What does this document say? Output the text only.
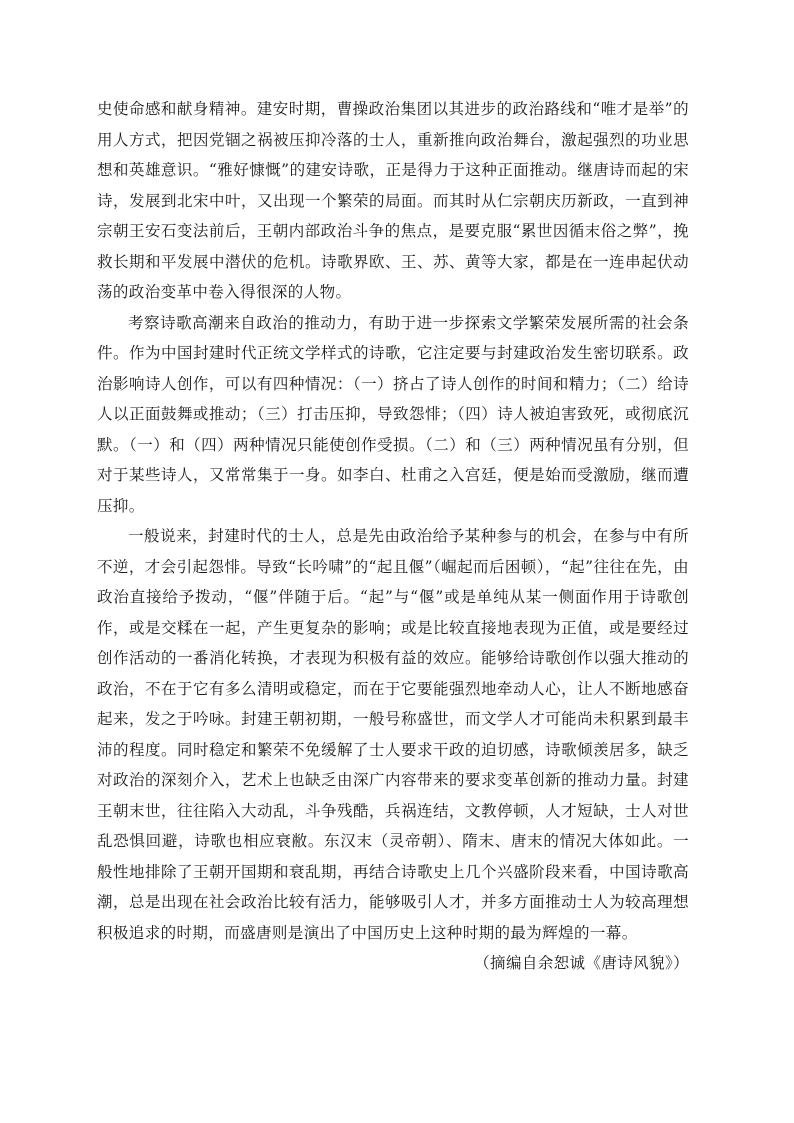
史使命感和献身精神。建安时期，曹操政治集团以其进步的政治路线和“唯才是举”的用人方式，把因党锢之祸被压抑冷落的士人，重新推向政治舞台，激起强烈的功业思想和英雄意识。“雅好慷慨”的建安诗歌，正是得力于这种正面推动。继唐诗而起的宋诗，发展到北宋中叶，又出现一个繁荣的局面。而其时从仁宗朝庆历新政，一直到神宗朝王安石变法前后，王朝内部政治斗争的焦点，是要克服“累世因循末俗之弊”，挽救长期和平发展中潜伏的危机。诗歌界欧、王、苏、黄等大家，都是在一连串起伏动荡的政治变革中卷入得很深的人物。

考察诗歌高潮来自政治的推动力，有助于进一步探索文学繁荣发展所需的社会条件。作为中国封建时代正统文学样式的诗歌，它注定要与封建政治发生密切联系。政治影响诗人创作，可以有四种情况：（一）挤占了诗人创作的时间和精力；（二）给诗人以正面鼓舞或推动；（三）打击压抑，导致怨悱；（四）诗人被迫害致死，或彻底沉默。（一）和（四）两种情况只能使创作受损。（二）和（三）两种情况虽有分别，但对于某些诗人，又常常集于一身。如李白、杜甫之入宫廷，便是始而受激励，继而遭压抑。

一般说来，封建时代的士人，总是先由政治给予某种参与的机会，在参与中有所不逆，才会引起怨悱。导致“长吟啸”的“起且偃”（崛起而后困顿），“起”往往在先，由政治直接给予拨动，“偃”伴随于后。“起”与“偃”或是单纯从某一侧面作用于诗歌创作，或是交糅在一起，产生更复杂的影响；或是比较直接地表现为正值，或是要经过创作活动的一番消化转换，才表现为积极有益的效应。能够给诗歌创作以强大推动的政治，不在于它有多么清明或稳定，而在于它要能强烈地牵动人心，让人不断地感奋起来，发之于吟咏。封建王朝初期，一般号称盛世，而文学人才可能尚未积累到最丰沛的程度。同时稳定和繁荣不免缓解了士人要求干政的迫切感，诗歌倾羡居多，缺乏对政治的深刻介入，艺术上也缺乏由深广内容带来的要求变革创新的推动力量。封建王朝末世，往往陷入大动乱，斗争残酷，兵祸连结，文教停顿，人才短缺，士人对世乱恐惧回避，诗歌也相应衰敝。东汉末（灵帝朝）、隋末、唐末的情况大体如此。一般性地排除了王朝开国期和衰乱期，再结合诗歌史上几个兴盛阶段来看，中国诗歌高潮，总是出现在社会政治比较有活力，能够吸引人才，并多方面推动士人为较高理想积极追求的时期，而盛唐则是演出了中国历史上这种时期的最为辉煌的一幕。

（摘编自余恕诚《唐诗风貌》）
